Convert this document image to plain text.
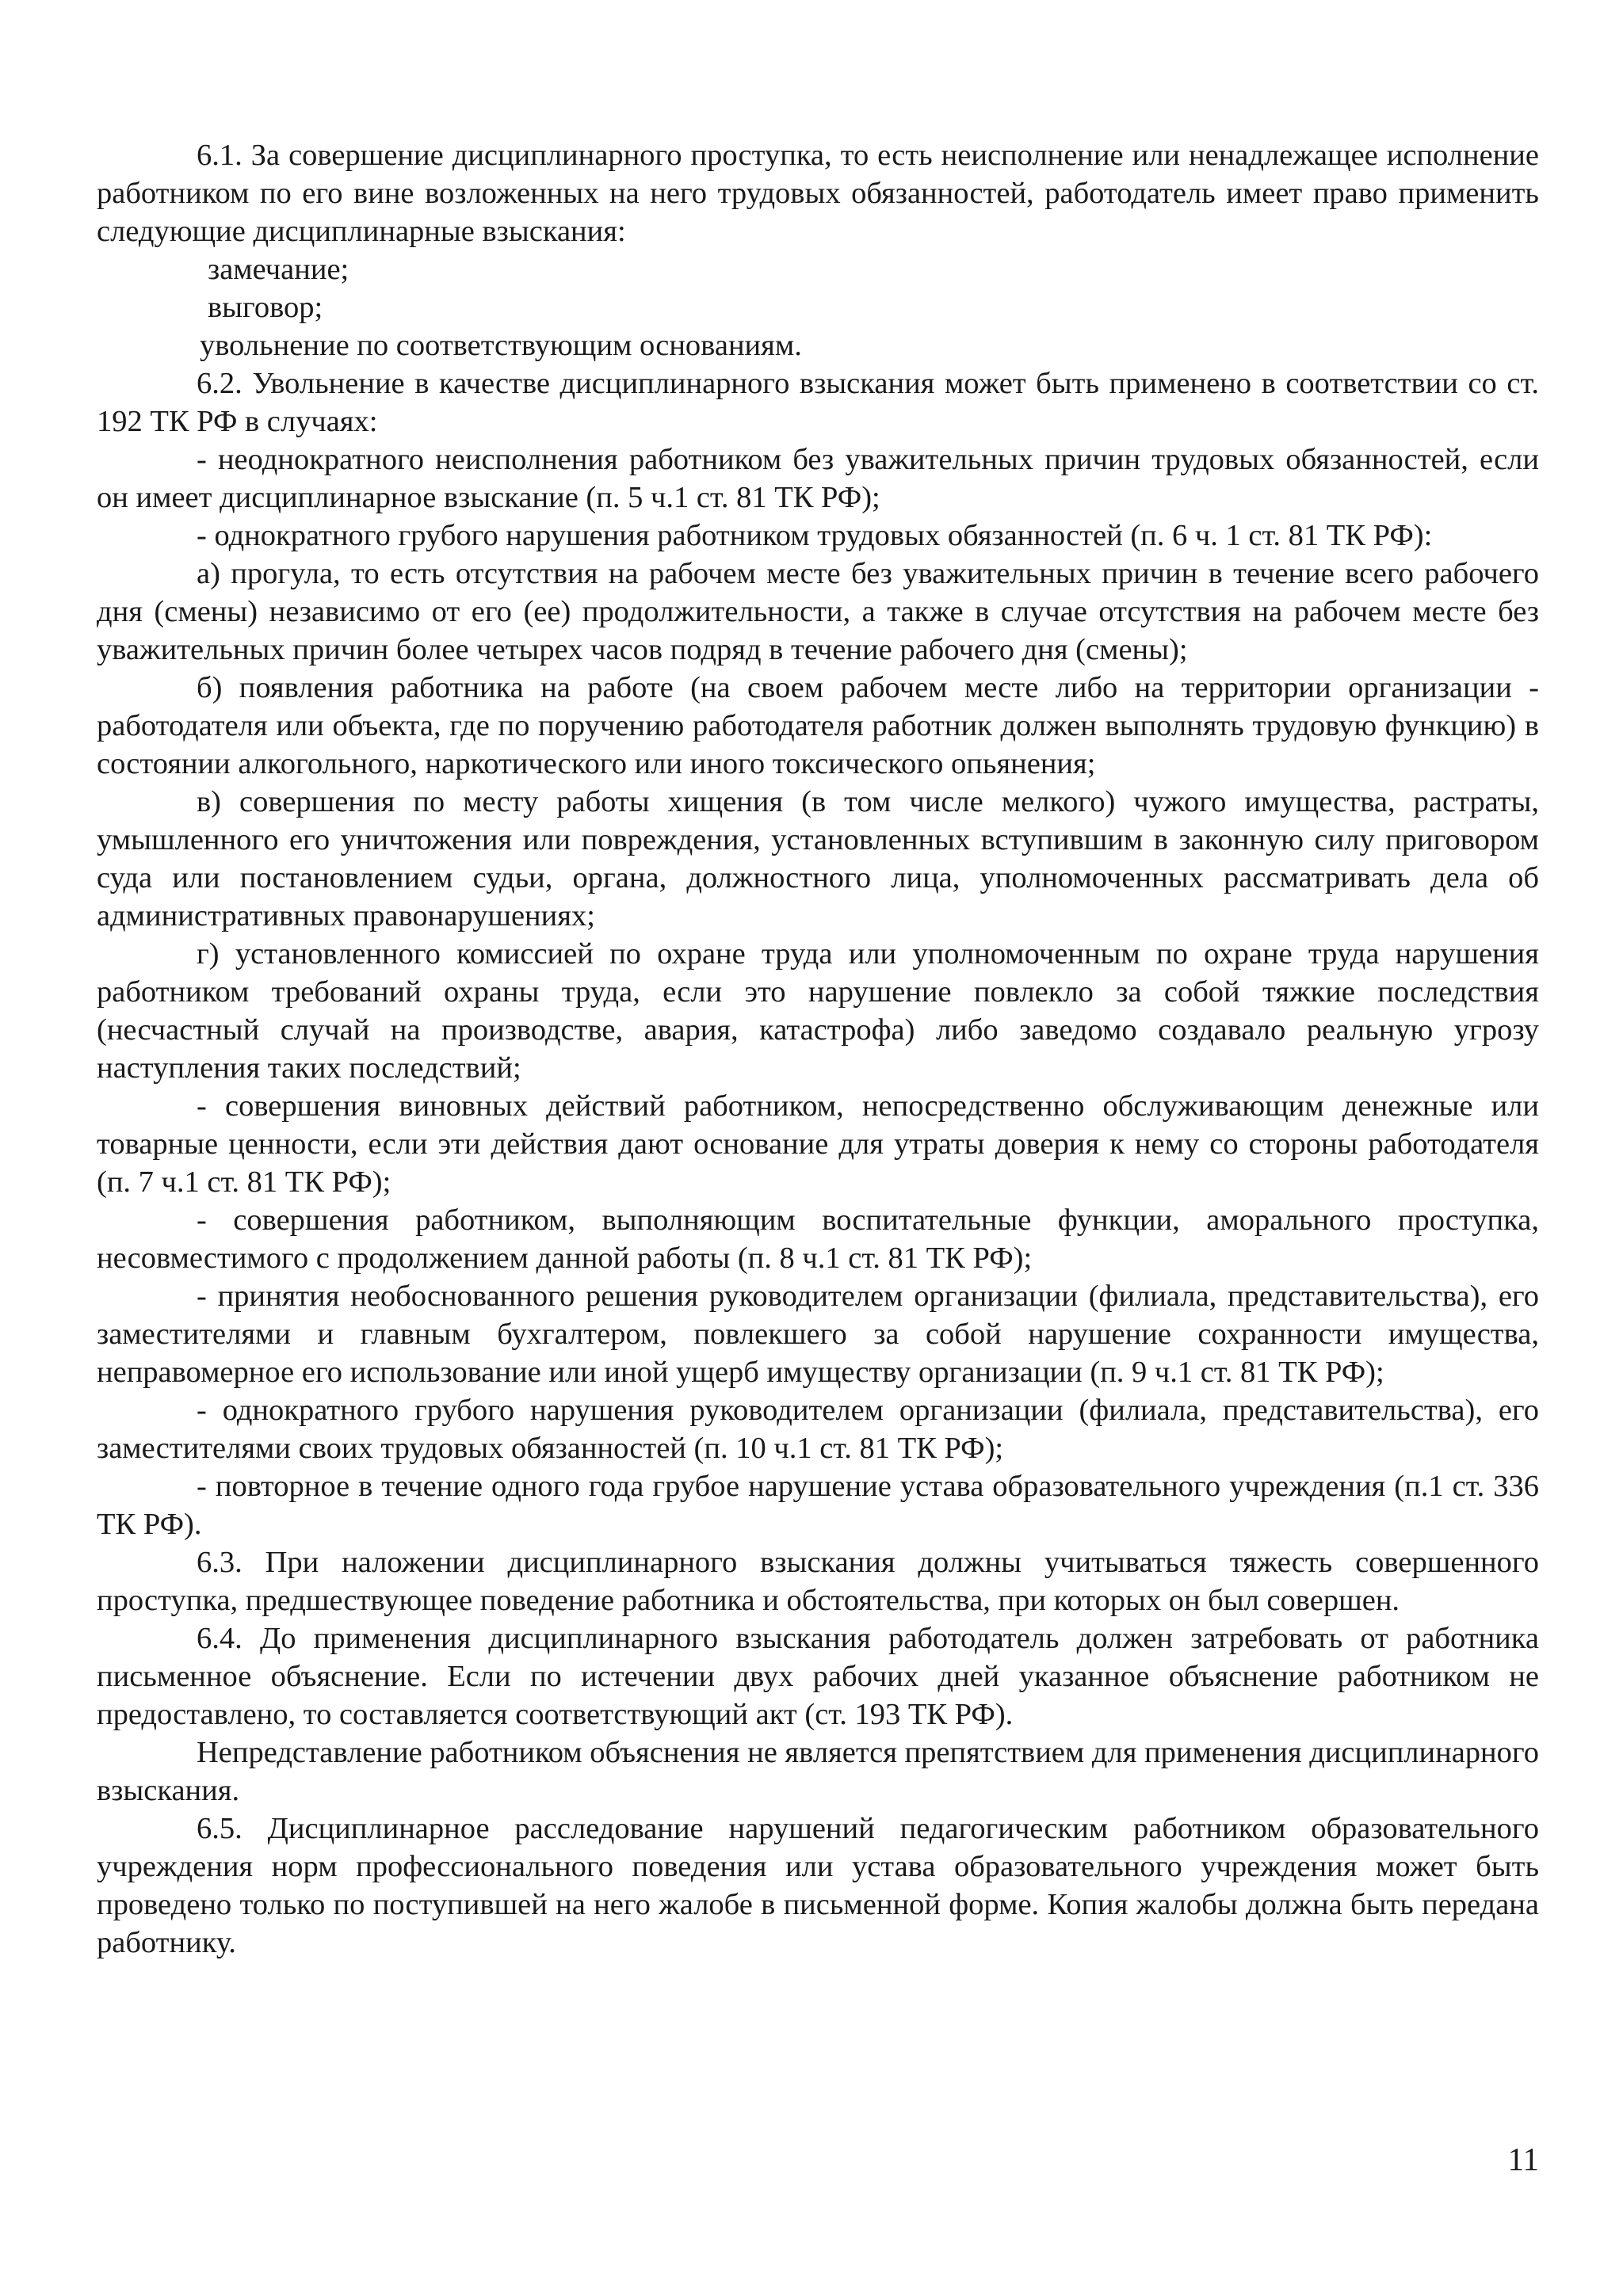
6.1. За совершение дисциплинарного проступка, то есть неисполнение или ненадлежащее исполнение работником по его вине возложенных на него трудовых обязанностей, работодатель имеет право применить следующие дисциплинарные взыскания:

замечание;

выговор;

увольнение по соответствующим основаниям.

6.2. Увольнение в качестве дисциплинарного взыскания может быть применено в соответствии со ст. 192 ТК РФ в случаях:

- неоднократного неисполнения работником без уважительных причин трудовых обязанностей, если он имеет дисциплинарное взыскание (п. 5 ч.1 ст. 81 ТК РФ);

- однократного грубого нарушения работником трудовых обязанностей (п. 6 ч. 1 ст. 81 ТК РФ):

а) прогула, то есть отсутствия на рабочем месте без уважительных причин в течение всего рабочего дня (смены) независимо от его (ее) продолжительности, а также в случае отсутствия на рабочем месте без уважительных причин более четырех часов подряд в течение рабочего дня (смены);

б) появления работника на работе (на своем рабочем месте либо на территории организации - работодателя или объекта, где по поручению работодателя работник должен выполнять трудовую функцию) в состоянии алкогольного, наркотического или иного токсического опьянения;

в) совершения по месту работы хищения (в том числе мелкого) чужого имущества, растраты, умышленного его уничтожения или повреждения, установленных вступившим в законную силу приговором суда или постановлением судьи, органа, должностного лица, уполномоченных рассматривать дела об административных правонарушениях;

г) установленного комиссией по охране труда или уполномоченным по охране труда нарушения работником требований охраны труда, если это нарушение повлекло за собой тяжкие последствия (несчастный случай на производстве, авария, катастрофа) либо заведомо создавало реальную угрозу наступления таких последствий;

- совершения виновных действий работником, непосредственно обслуживающим денежные или товарные ценности, если эти действия дают основание для утраты доверия к нему со стороны работодателя (п. 7 ч.1 ст. 81 ТК РФ);

- совершения работником, выполняющим воспитательные функции, аморального проступка, несовместимого с продолжением данной работы (п. 8 ч.1 ст. 81 ТК РФ);

- принятия необоснованного решения руководителем организации (филиала, представительства), его заместителями и главным бухгалтером, повлекшего за собой нарушение сохранности имущества, неправомерное его использование или иной ущерб имуществу организации (п. 9 ч.1 ст. 81 ТК РФ);

- однократного грубого нарушения руководителем организации (филиала, представительства), его заместителями своих трудовых обязанностей (п. 10 ч.1 ст. 81 ТК РФ);

- повторное в течение одного года грубое нарушение устава образовательного учреждения (п.1 ст. 336 ТК РФ).

6.3. При наложении дисциплинарного взыскания должны учитываться тяжесть совершенного проступка, предшествующее поведение работника и обстоятельства, при которых он был совершен.

6.4. До применения дисциплинарного взыскания работодатель должен затребовать от работника письменное объяснение. Если по истечении двух рабочих дней указанное объяснение работником не предоставлено, то составляется соответствующий акт (ст. 193 ТК РФ).

Непредставление работником объяснения не является препятствием для применения дисциплинарного взыскания.

6.5. Дисциплинарное расследование нарушений педагогическим работником образовательного учреждения норм профессионального поведения или устава образовательного учреждения может быть проведено только по поступившей на него жалобе в письменной форме. Копия жалобы должна быть передана работнику.

11
